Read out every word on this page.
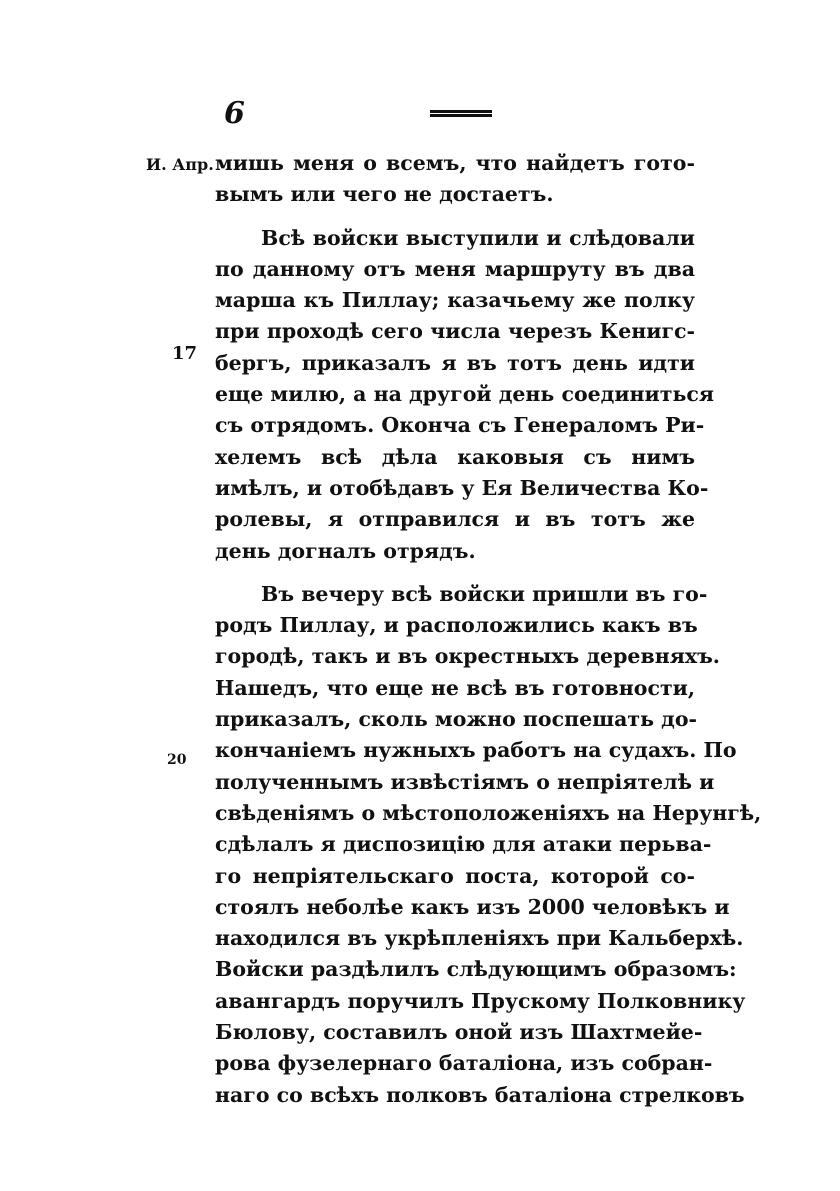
6
И. Апр.
17
20
мишь меня о всемъ, что найдетъ гото-
вымъ или чего не достаетъ.
Всѣ войски выступили и слѣдовали
по данному отъ меня маршруту въ два
марша къ Пиллау; казачьему же полку
при проходѣ сего числа черезъ Кенигс-
бергъ, приказалъ я въ тотъ день идти
еще милю, а на другой день соединиться
съ отрядомъ. Окончa съ Генераломъ Ри-
хелемъ всѣ дѣла каковыя съ нимъ
имѣлъ, и отобѣдавъ у Ея Величества Ко-
ролевы, я отправился и въ тотъ же
день догналъ отрядъ.
Въ вечеру всѣ войски пришли въ го-
родъ Пиллау, и расположились какъ въ
городѣ, такъ и въ окрестныхъ деревняхъ.
Нашедъ, что еще не всѣ въ готовности,
приказалъ, сколь можно поспешать до-
кончаніемъ нужныхъ работъ на судахъ. По
полученнымъ извѣстіямъ о непріятелѣ и
свѣденіямъ о мѣстоположеніяхъ на Нерунгѣ,
сдѣлалъ я диспозицію для атаки перьва-
го непріятельскаго поста, которой со-
стоялъ неболѣе какъ изъ 2000 человѣкъ и
находился въ укрѣпленіяхъ при Кальберхѣ.
Войски раздѣлилъ слѣдующимъ образомъ:
авангардъ поручилъ Прускому Полковнику
Бюлову, составилъ оной изъ Шахтмейе-
рова фузелернаго баталіона, изъ собран-
наго со всѣхъ полковъ баталіона стрелковъ
